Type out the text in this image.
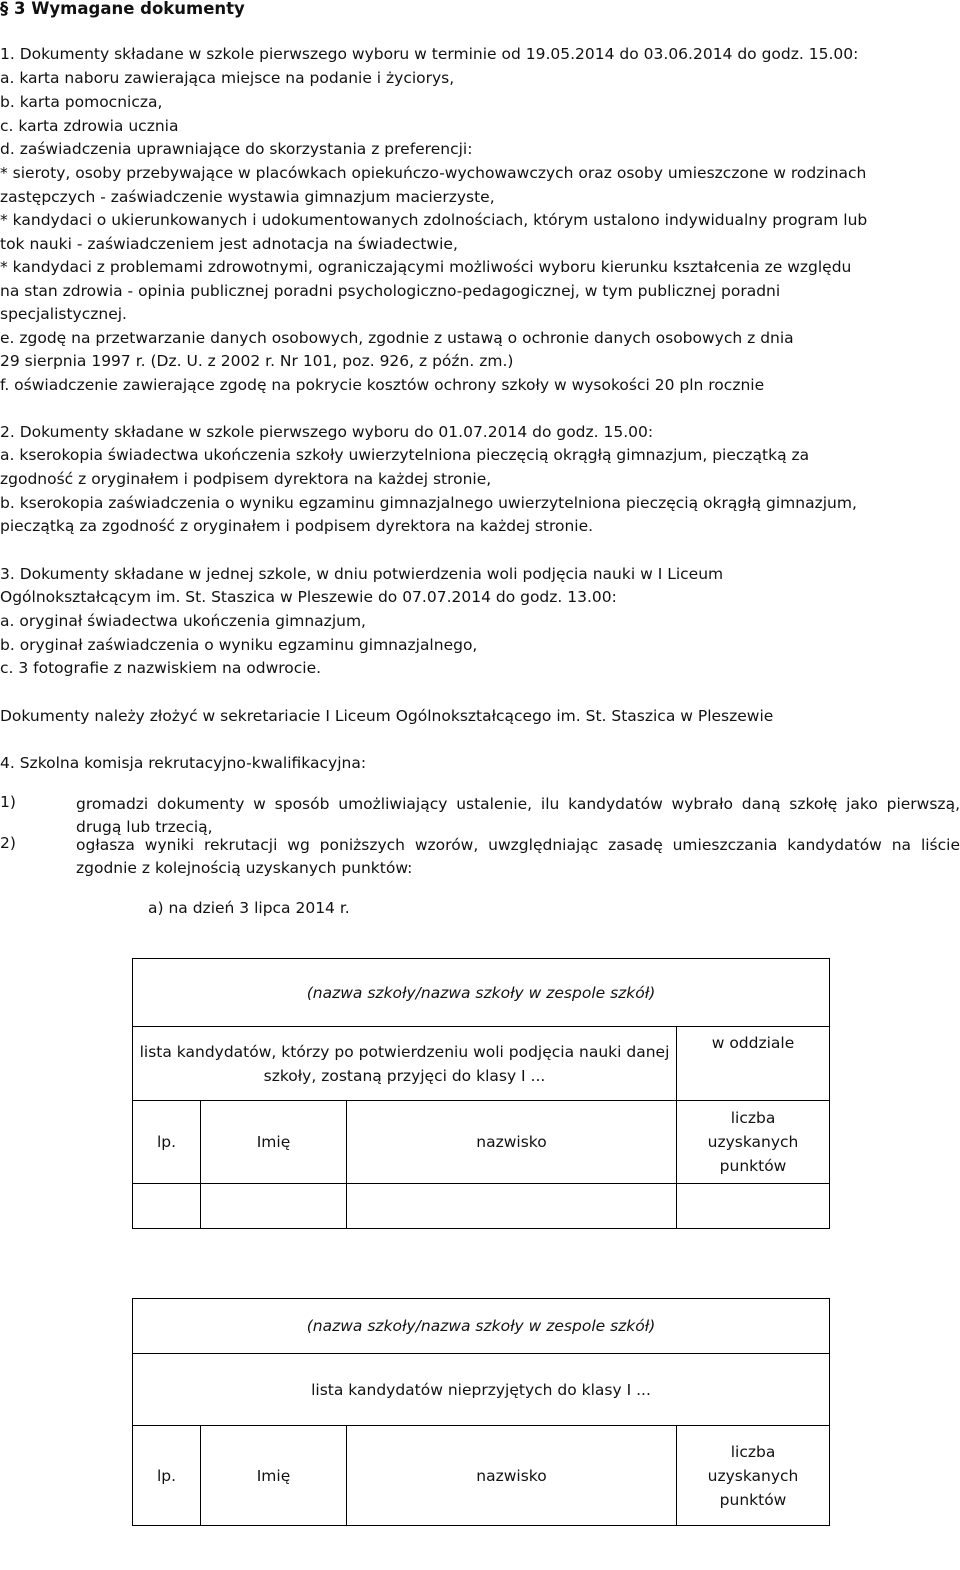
§ 3 Wymagane dokumenty
1. Dokumenty składane w szkole pierwszego wyboru w terminie od 19.05.2014 do 03.06.2014 do godz. 15.00:
a. karta naboru zawierająca miejsce na podanie i życiorys,
b. karta pomocnicza,
c. karta zdrowia ucznia
d. zaświadczenia uprawniające do skorzystania z preferencji:
* sieroty, osoby przebywające w placówkach opiekuńczo-wychowawczych oraz osoby umieszczone w rodzinach
zastępczych - zaświadczenie wystawia gimnazjum macierzyste,
* kandydaci o ukierunkowanych i udokumentowanych zdolnościach, którym ustalono indywidualny program lub
tok nauki - zaświadczeniem jest adnotacja na świadectwie,
* kandydaci z problemami zdrowotnymi, ograniczającymi możliwości wyboru kierunku kształcenia ze względu
na stan zdrowia - opinia publicznej poradni psychologiczno-pedagogicznej, w tym publicznej poradni
specjalistycznej.
e. zgodę na przetwarzanie danych osobowych, zgodnie z ustawą o ochronie danych osobowych z dnia
29 sierpnia 1997 r. (Dz. U. z 2002 r. Nr 101, poz. 926, z późn. zm.)
f. oświadczenie zawierające zgodę na pokrycie kosztów ochrony szkoły w wysokości 20 pln rocznie
2. Dokumenty składane w szkole pierwszego wyboru do 01.07.2014 do godz. 15.00:
a. kserokopia świadectwa ukończenia szkoły uwierzytelniona pieczęcią okrągłą gimnazjum, pieczątką za
zgodność z oryginałem i podpisem dyrektora na każdej stronie,
b. kserokopia zaświadczenia o wyniku egzaminu gimnazjalnego uwierzytelniona pieczęcią okrągłą gimnazjum,
pieczątką za zgodność z oryginałem i podpisem dyrektora na każdej stronie.
3. Dokumenty składane w jednej szkole, w dniu potwierdzenia woli podjęcia nauki w I Liceum
Ogólnokształcącym im. St. Staszica w Pleszewie do 07.07.2014 do godz. 13.00:
a. oryginał świadectwa ukończenia gimnazjum,
b. oryginał zaświadczenia o wyniku egzaminu gimnazjalnego,
c. 3 fotografie z nazwiskiem na odwrocie.
Dokumenty należy złożyć w sekretariacie I Liceum Ogólnokształcącego im. St. Staszica w Pleszewie
4. Szkolna komisja rekrutacyjno-kwalifikacyjna:
1)	gromadzi dokumenty w sposób umożliwiający ustalenie, ilu kandydatów wybrało daną szkołę jako pierwszą, drugą lub trzecią,
2)	ogłasza wyniki rekrutacji wg poniższych wzorów, uwzględniając zasadę umieszczania kandydatów na liście zgodnie z kolejnością uzyskanych punktów:
a) na dzień 3 lipca 2014 r.
(nazwa szkoły/nazwa szkoły w zespole szkół)			
lista kandydatów, którzy po potwierdzeniu woli podjęcia nauki danej szkoły, zostaną przyjęci do klasy I ...			w oddziale
lp.	Imię	nazwisko	liczba uzyskanych punktów

(nazwa szkoły/nazwa szkoły w zespole szkół)
lista kandydatów nieprzyjętych do klasy I ...
lp.	Imię	nazwisko	liczba uzyskanych punktów
